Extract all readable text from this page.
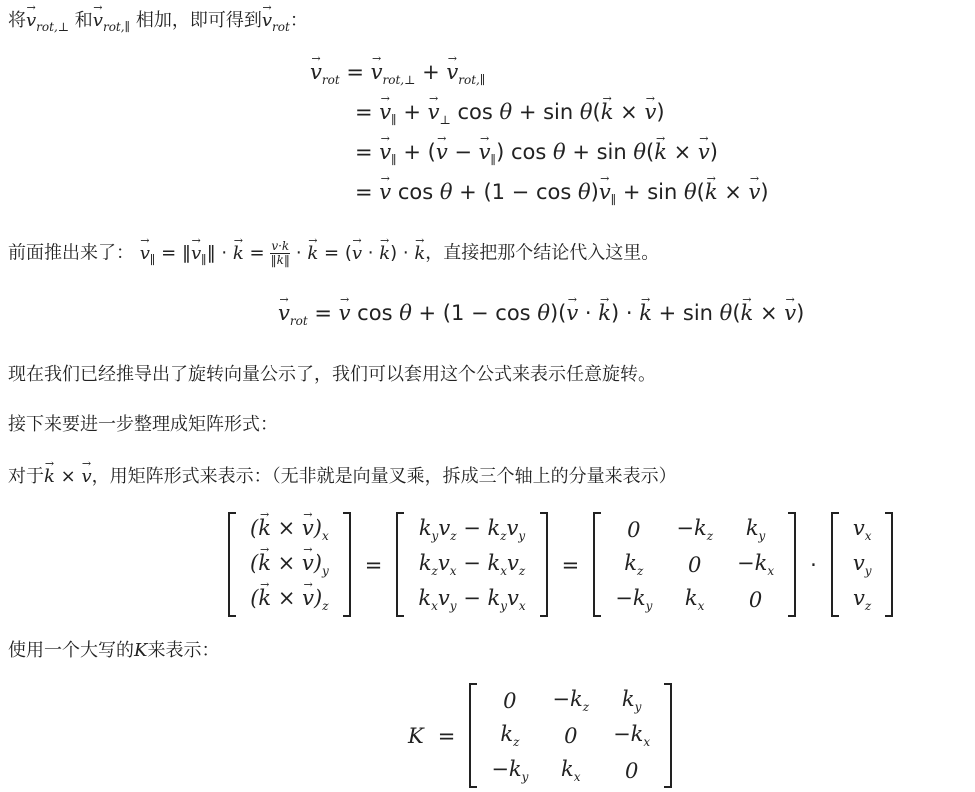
将$v \to_{rot,\perp}$ 和$v \to_{rot,\parallel}$ 相加，即可得到$v \to_{rot}$：
$v \to_{rot} = v \to_{rot,\perp} + v \to_{rot,\parallel}$
= $v \to_\parallel + v \to_\perp$ cos θ + sin θ(k → × v →)
= $v \to_\parallel + (v$ → − $v \to_\parallel$) cos θ + sin θ(k → × v →)
= $v \to \cos \theta + (1 - \cos \theta)v \to_\parallel + \sin \theta(k$ → × v →)
前面推出来了： $v \to_\parallel$ = ‖v $\to_\parallel‖ \cdot k$ → = $\frac{v\cdot k}{‖k‖} \cdot k$ → = (v → · k →) · k →，直接把那个结论代入这里。
$v \to_{rot} = v \to \cos \theta + (1 - \cos \theta)(v$ → · k →) · k → + sin θ(k → × v →)
现在我们已经推导出了旋转向量公示了，我们可以套用这个公式来表示任意旋转。
接下来要进一步整理成矩阵形式：
对于k → × v →，用矩阵形式来表示：（无非就是向量叉乘，拆成三个轴上的分量来表示）
(k → × $v \to)_x$
(k → × $v \to)_y$
(k → × $v \to)_z$
=
$k_yv_z - k_zv_y$
$k_zv_x - k_xv_z$
$k_xv_y - k_yv_x$
=
0	$-k_z$	$k_y$
$k_z$	0	$-k_x$
$-k_y$	$k_x$	0
·
$v_x$
$v_y$
$v_z$
使用一个大写的K来表示：
K =
0	$-k_z$	$k_y$
$k_z$	0	$-k_x$
$-k_y$	$k_x$	0
